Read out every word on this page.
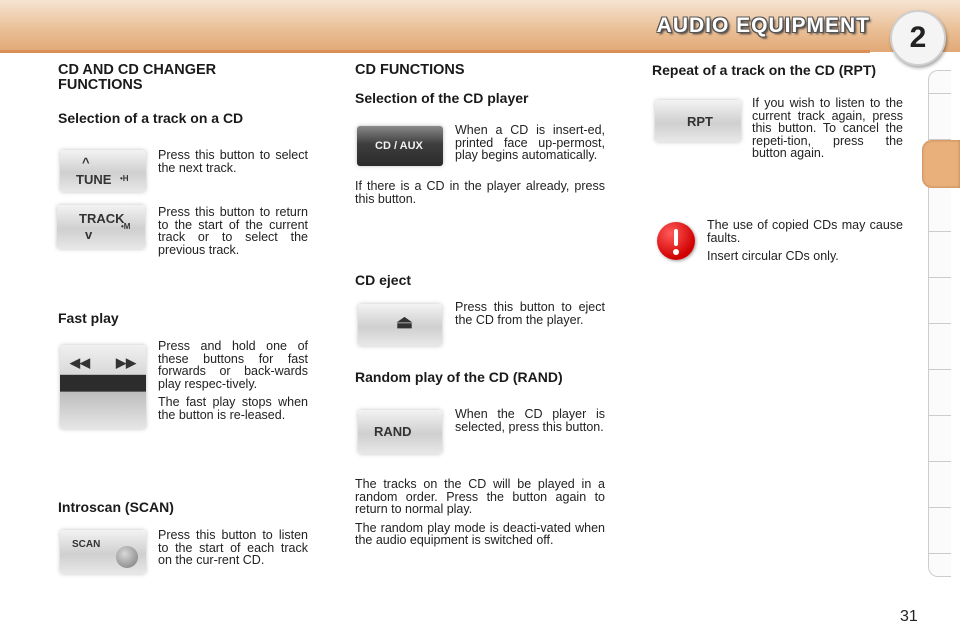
AUDIO EQUIPMENT	2
CD AND CD CHANGER FUNCTIONS
Selection of a track on a CD
^
TUNE •H

Press this button to select the next track.

TRACK
•M
v

Press this button to return to the start of the current track or to select the previous track.

Fast play
◀◀ ▶▶

Press and hold one of these buttons for fast forwards or back-wards play respec-tively.

The fast play stops when the button is re-leased.

Introscan (SCAN)
SCAN

Press this button to listen to the start of each track on the cur-rent CD.

CD FUNCTIONS
Selection of the CD player
CD / AUX

When a CD is insert-ed, printed face up-permost, play begins automatically.

If there is a CD in the player already, press this button.

CD eject
⏏

Press this button to eject the CD from the player.

Random play of the CD (RAND)
RAND

When the CD player is selected, press this button.

The tracks on the CD will be played in a random order. Press the button again to return to normal play.

The random play mode is deacti-vated when the audio equipment is switched off.

Repeat of a track on the CD (RPT)
RPT

If you wish to listen to the current track again, press this button. To cancel the repeti-tion, press the button again.

The use of copied CDs may cause faults.

Insert circular CDs only.

31
